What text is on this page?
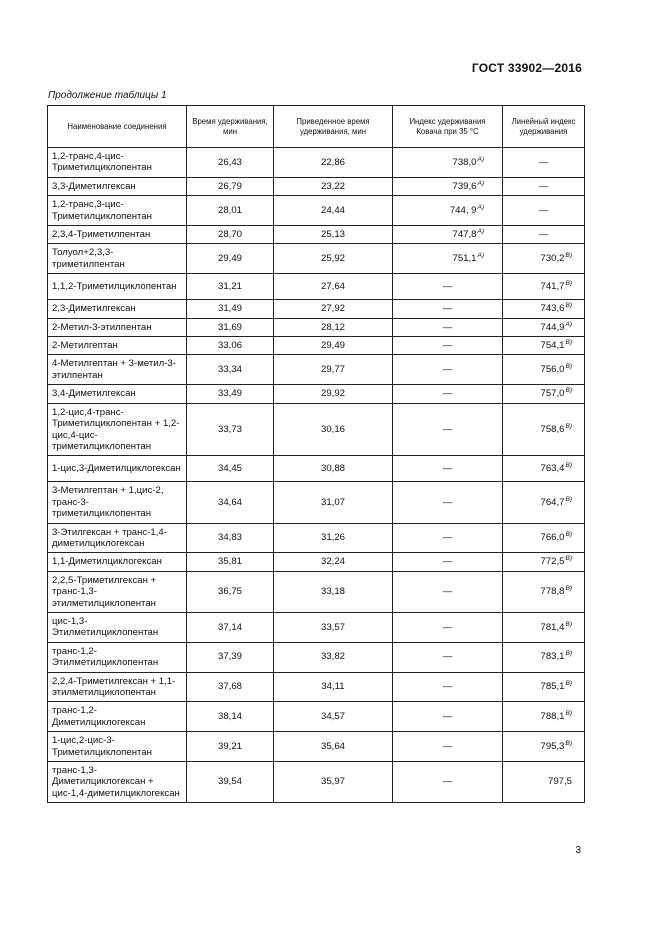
ГОСТ 33902—2016
Продолжение таблицы 1
Наименование соединения	Время удерживания, мин	Приведенное время удерживания, мин	Индекс удерживания Ковача при 35 °C	Линейный индекс удерживания
1,2-транс,4-цис-Триметилциклопентан	26,43	22,86	$738,0^{A)}$	—
3,3-Диметилгексан	26,79	23,22	$739,6^{A)}$	—
1,2-транс,3-цис-Триметилциклопентан	28,01	24,44	744, $9^{A)}$	—
2,3,4-Триметилпентан	28,70	25,13	$747,8^{A)}$	—
Толуол+2,3,3-триметилпентан	29,49	25,92	$751,1^{A)}$	$730,2^{B)}$
1,1,2-Триметилциклопентан	31,21	27,64	—	$741,7^{B)}$
2,3-Диметилгексан	31,49	27,92	—	$743,6^{B)}$
2-Метил-3-этилпентан	31,69	28,12	—	$744,9^{A)}$
2-Метилгептан	33,06	29,49	—	$754,1^{B)}$
4-Метилгептан + 3-метил-3-этилпентан	33,34	29,77	—	$756,0^{B)}$
3,4-Диметилгексан	33,49	29,92	—	$757,0^{B)}$
1,2-цис,4-транс-Триметилциклопентан + 1,2-цис,4-цис-триметилциклопентан	33,73	30,16	—	$758,6^{B)}$
1-цис,3-Диметилциклогексан	34,45	30,88	—	$763,4^{B)}$
3-Метилгептан + 1,цис-2, транс-3-триметилциклопентан	34,64	31,07	—	$764,7^{B)}$
3-Этилгексан + транс-1,4-диметилциклогексан	34,83	31,26	—	$766,0^{B)}$
1,1-Диметилциклогексан	35,81	32,24	—	$772,5^{B)}$
2,2,5-Триметилгексан + транс-1,3-этилметилциклопентан	36,75	33,18	—	$778,8^{B)}$
цис-1,3-Этилметилциклопентан	37,14	33,57	—	$781,4^{B)}$
транс-1,2-Этилметилциклопентан	37,39	33,82	—	$783,1^{B)}$
2,2,4-Триметилгексан + 1,1-этилметилциклопентан	37,68	34,11	—	$785,1^{B)}$
транс-1,2-Диметилциклогексан	38,14	34,57	—	$788,1^{B)}$
1-цис,2-цис-3-Триметилциклопентан	39,21	35,64	—	$795,3^{B)}$
транс-1,3-Диметилциклогексан + цис-1,4-диметилциклогексан	39,54	35,97	—	797,5
3
